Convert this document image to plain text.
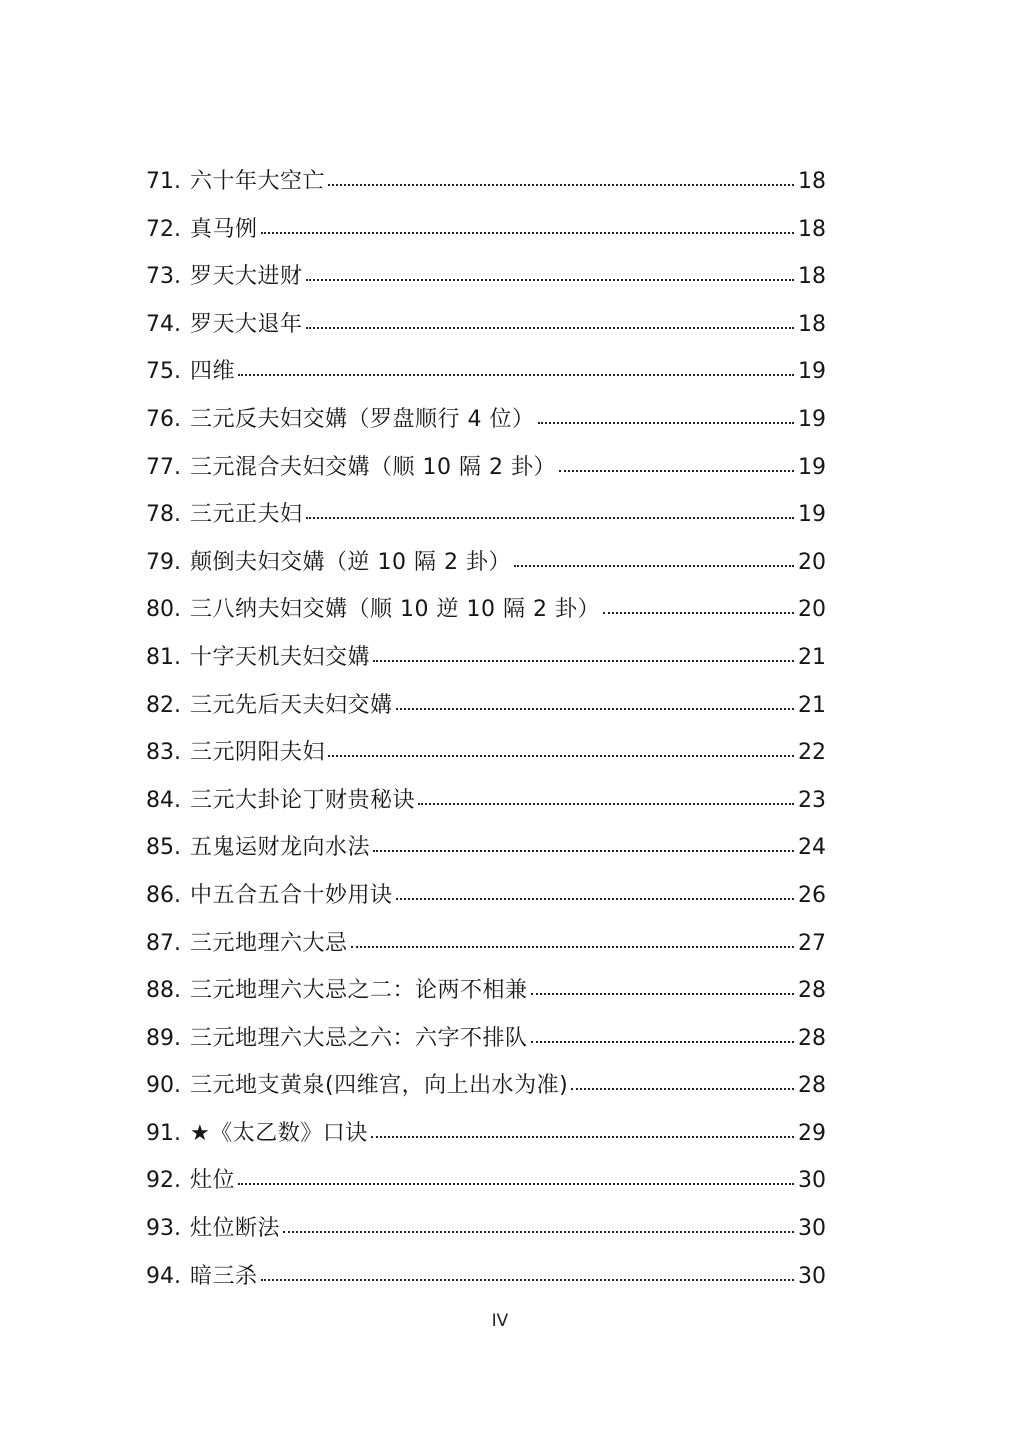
71. 六十年大空亡	18
72. 真马例	18
73. 罗天大进财	18
74. 罗天大退年	18
75. 四维	19
76. 三元反夫妇交媾（罗盘顺行 4 位）	19
77. 三元混合夫妇交媾（顺 10 隔 2 卦）	19
78. 三元正夫妇	19
79. 颠倒夫妇交媾（逆 10 隔 2 卦）	20
80. 三八纳夫妇交媾（顺 10 逆 10 隔 2 卦）	20
81. 十字天机夫妇交媾	21
82. 三元先后天夫妇交媾	21
83. 三元阴阳夫妇	22
84. 三元大卦论丁财贵秘诀	23
85. 五鬼运财龙向水法	24
86. 中五合五合十妙用诀	26
87. 三元地理六大忌	27
88. 三元地理六大忌之二：论两不相兼	28
89. 三元地理六大忌之六：六字不排队	28
90. 三元地支黄泉(四维宫，向上出水为准)	28
91. ★《太乙数》口诀	29
92. 灶位	30
93. 灶位断法	30
94. 暗三杀	30
IV
